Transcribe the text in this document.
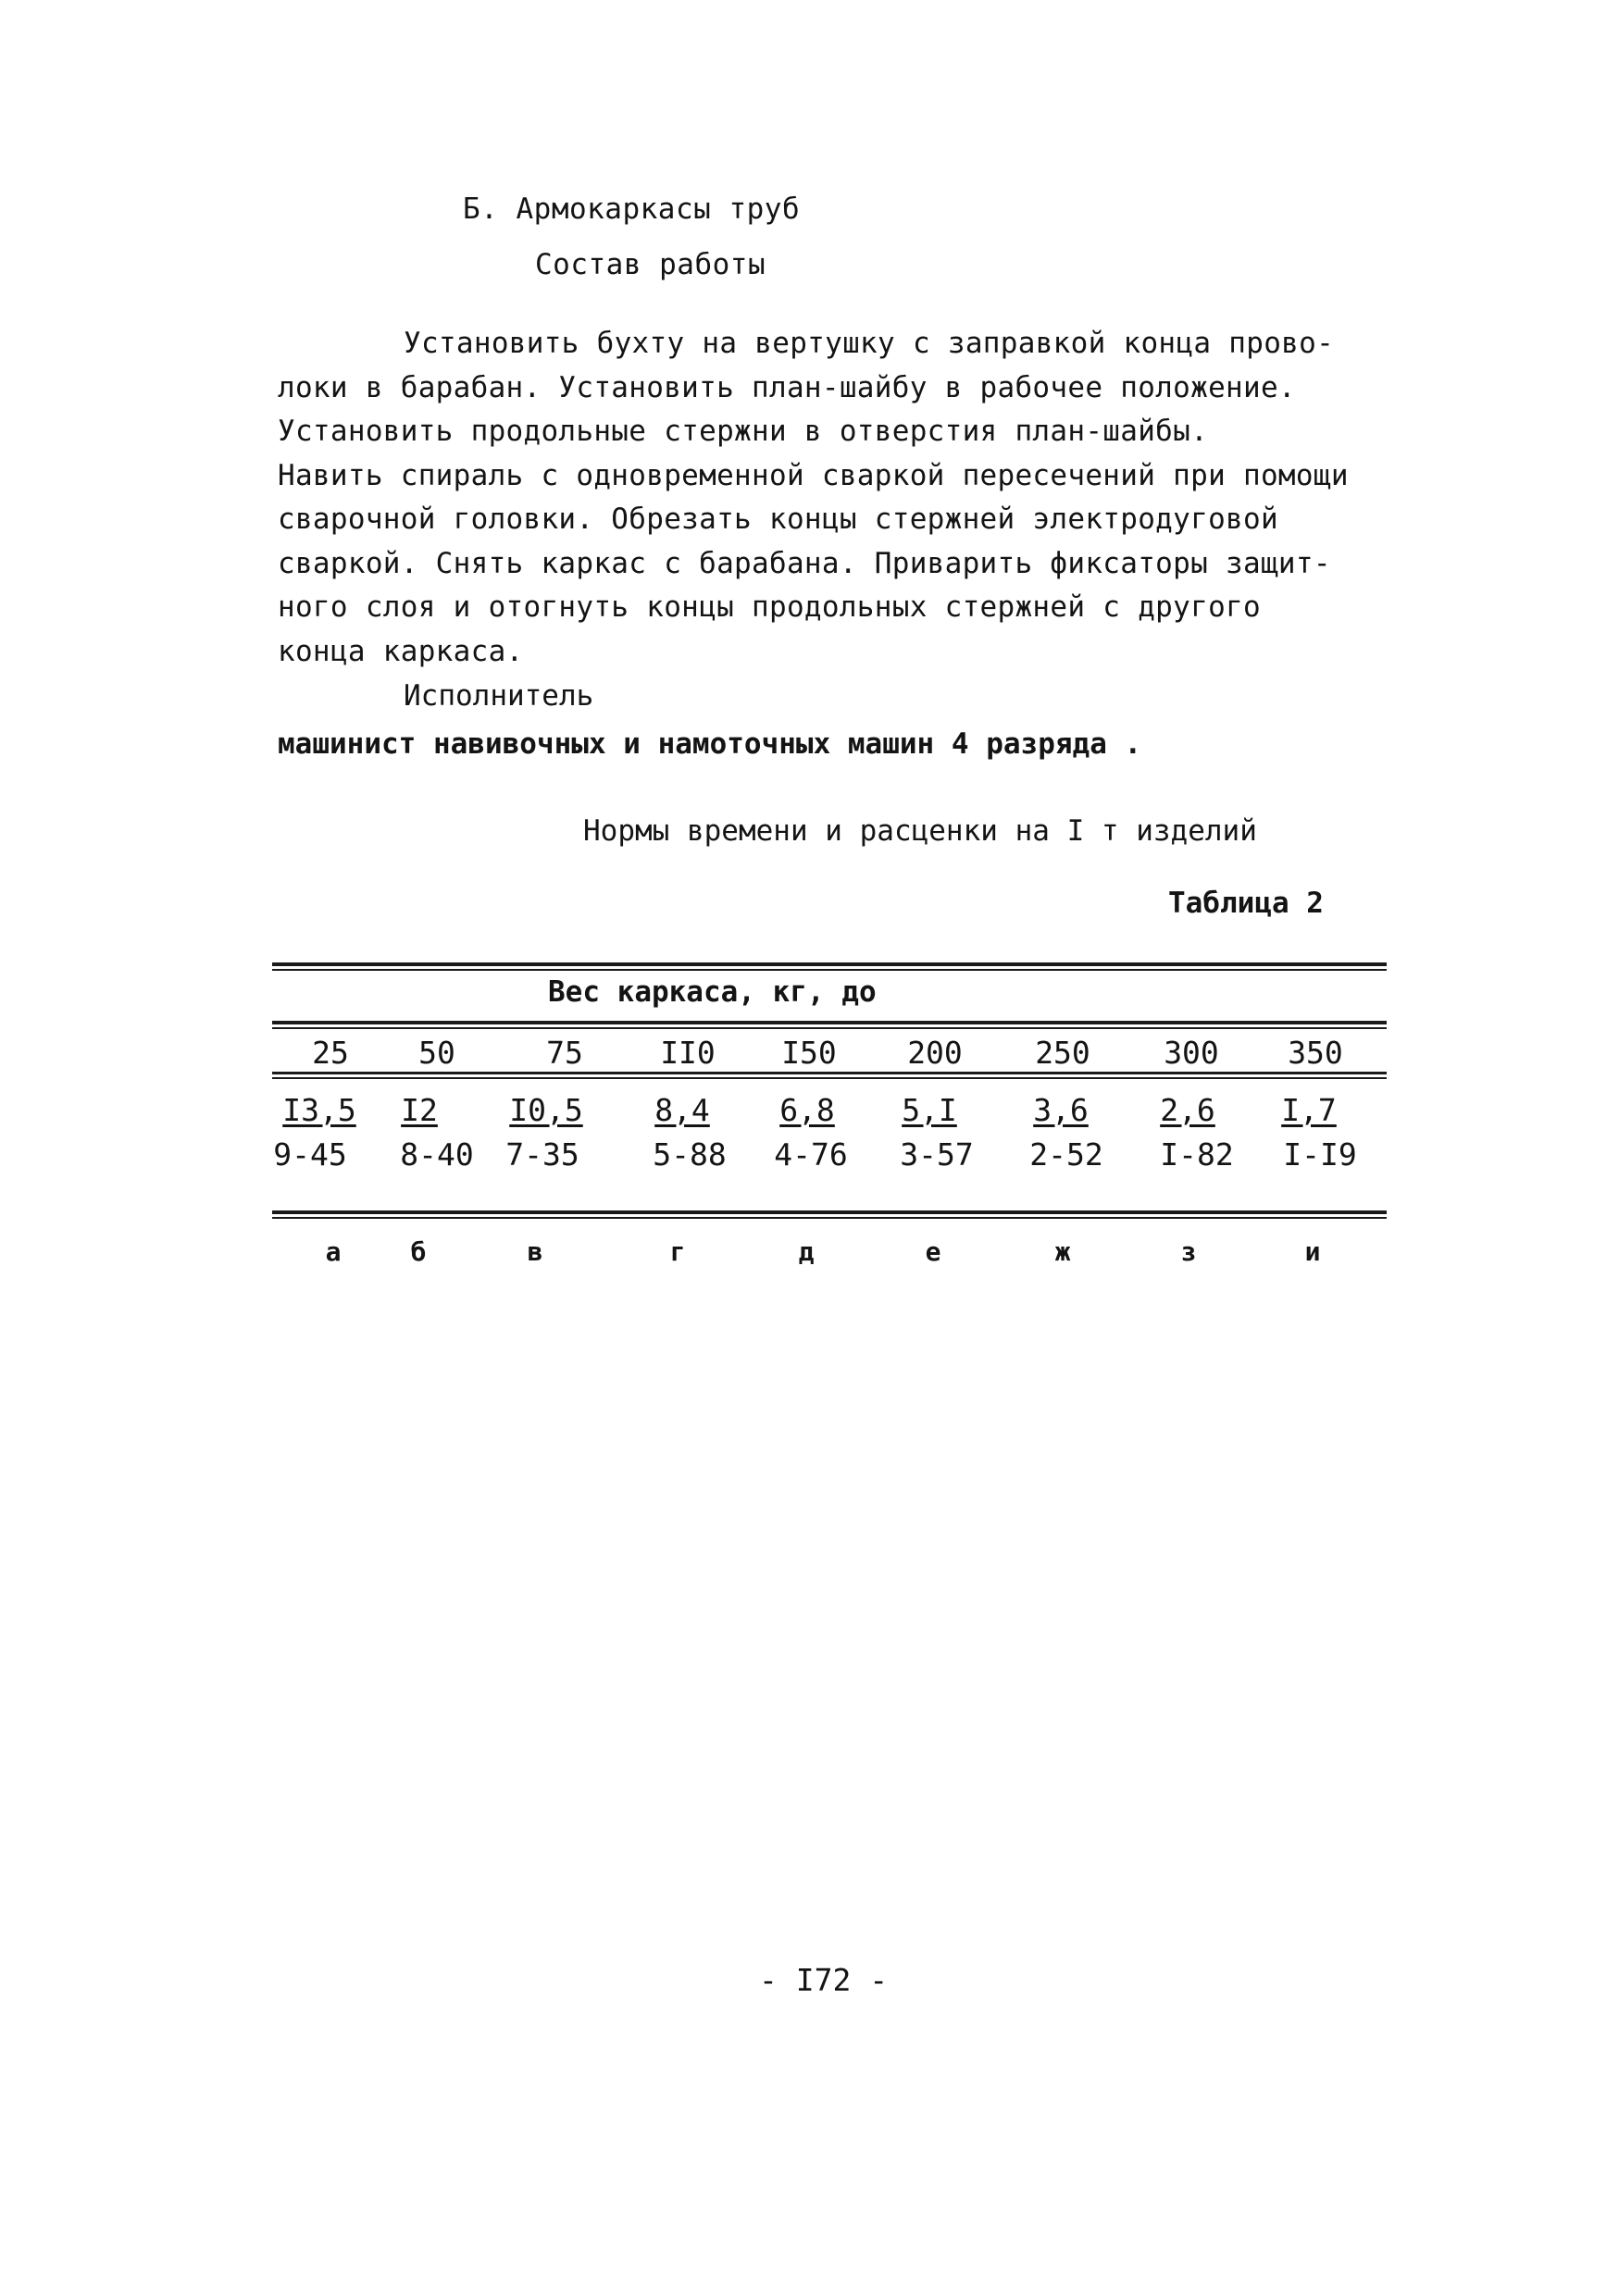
Б. Армокаркасы труб
Состав работы
Установить бухту на вертушку с заправкой конца прово-
локи в барабан. Установить план-шайбу в рабочее положение.
Установить продольные стержни в отверстия план-шайбы.
Навить спираль с одновременной сваркой пересечений при помощи
сварочной головки. Обрезать концы стержней электродуговой
сваркой. Снять каркас с барабана. Приварить фиксаторы защит-
ного слоя и отогнуть концы продольных стержней с другого
конца каркаса.
Исполнитель
машинист навивочных и намоточных машин 4 разряда .
Нормы времени и расценки на I т изделий
Таблица 2
Вес каркаса, кг, до
25	50	75	II0	I50	200	250	300	350
I3,5	I2	I0,5	8,4	6,8	5,I	3,6	2,6	I,7
9-45	8-40	7-35	5-88	4-76	3-57	2-52	I-82	I-I9
а	б	в	г	д	е	ж	з	и
- I72 -
